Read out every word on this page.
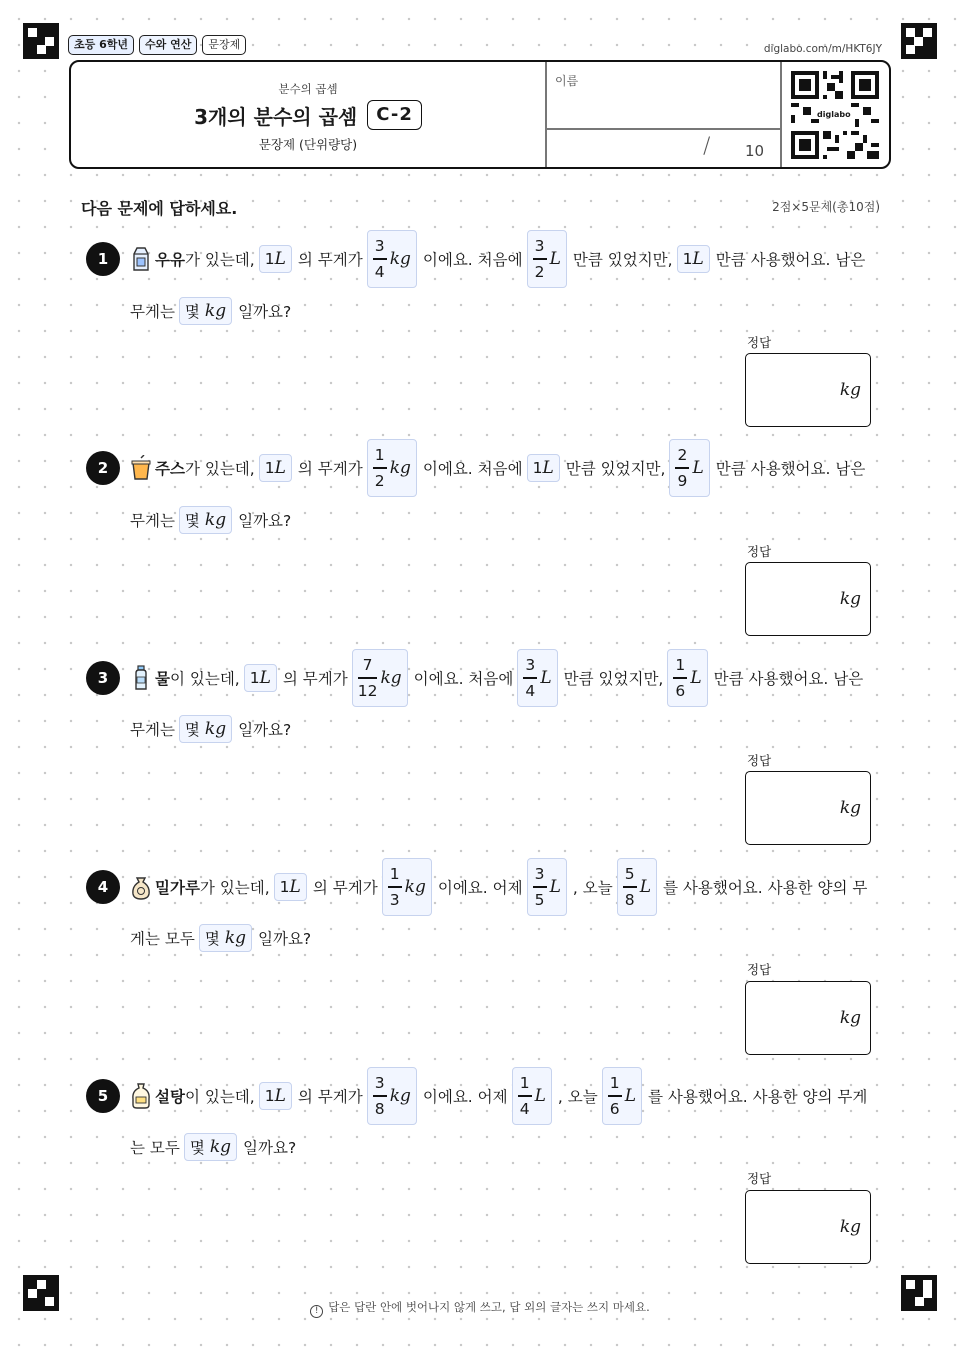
초등 6학년	수와 연산	문장제	diglabo.com/m/HKT6JY
분수의 곱셈
3개의 분수의 곱셈	C-2
문장제 (단위량당)
이름
/ 10
diglabo
다음 문제에 답하세요.	2점×5문제(총10점)
1	우유 가 있는데, 1 L 의 무게가 $\frac{3}{4}$ kg 이에요. 처음에 $\frac{3}{2}$ L 만큼 있었지만, 1 L 만큼 사용했어요. 남은
무게는 몇 kg 일까요?
정답
kg
2	주스 가 있는데, 1 L 의 무게가 $\frac{1}{2}$ kg 이에요. 처음에 1 L 만큼 있었지만, $\frac{2}{9}$ L 만큼 사용했어요. 남은
무게는 몇 kg 일까요?
정답
kg
3	물 이 있는데, 1 L 의 무게가 $\frac{7}{12}$ kg 이에요. 처음에 $\frac{3}{4}$ L 만큼 있었지만, $\frac{1}{6}$ L 만큼 사용했어요. 남은
무게는 몇 kg 일까요?
정답
kg
4	밀가루 가 있는데, 1 L 의 무게가 $\frac{1}{3}$ kg 이에요. 어제 $\frac{3}{5}$ L , 오늘 $\frac{5}{8}$ L 를 사용했어요. 사용한 양의 무
게는 모두 몇 kg 일까요?
정답
kg
5	설탕 이 있는데, 1 L 의 무게가 $\frac{3}{8}$ kg 이에요. 어제 $\frac{1}{4}$ L , 오늘 $\frac{1}{6}$ L 를 사용했어요. 사용한 양의 무게
는 모두 몇 kg 일까요?
정답
kg
! 답은 답란 안에 벗어나지 않게 쓰고, 답 외의 글자는 쓰지 마세요.
